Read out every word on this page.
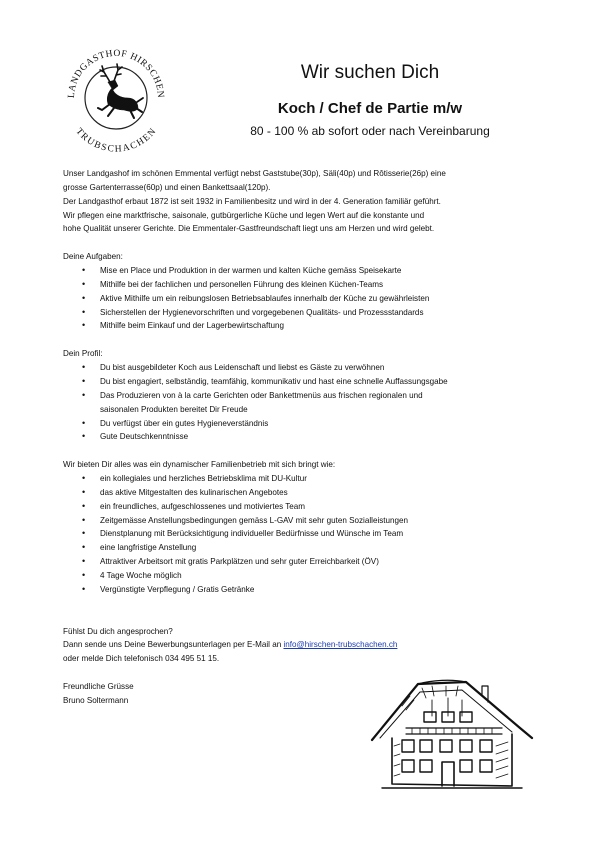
LANDGASTHOF HIRSCHEN
TRUBSCHACHEN
Wir suchen Dich
Koch / Chef de Partie m/w
80 - 100 % ab sofort oder nach Vereinbarung

Unser Landgashof im schönen Emmental verfügt nebst Gaststube(30p), Säli(40p) und Rôtisserie(26p) eine

grosse Gartenterrasse(60p) und einen Bankettsaal(120p).

Der Landgasthof erbaut 1872 ist seit 1932 in Familienbesitz und wird in der 4. Generation familiär geführt.

Wir pflegen eine marktfrische, saisonale, gutbürgerliche Küche und legen Wert auf die konstante und

hohe Qualität unserer Gerichte. Die Emmentaler-Gastfreundschaft liegt uns am Herzen und wird gelebt.

Deine Aufgaben:

• Mise en Place und Produktion in der warmen und kalten Küche gemäss Speisekarte
• Mithilfe bei der fachlichen und personellen Führung des kleinen Küchen-Teams
• Aktive Mithilfe um ein reibungslosen Betriebsablaufes innerhalb der Küche zu gewährleisten
• Sicherstellen der Hygienevorschriften und vorgegebenen Qualitäts- und Prozessstandards
• Mithilfe beim Einkauf und der Lagerbewirtschaftung

Dein Profil:

• Du bist ausgebildeter Koch aus Leidenschaft und liebst es Gäste zu verwöhnen
• Du bist engagiert, selbständig, teamfähig, kommunikativ und hast eine schnelle Auffassungsgabe
• Das Produzieren von à la carte Gerichten oder Bankettmenüs aus frischen regionalen und
saisonalen Produkten bereitet Dir Freude
• Du verfügst über ein gutes Hygieneverständnis
• Gute Deutschkenntnisse

Wir bieten Dir alles was ein dynamischer Familienbetrieb mit sich bringt wie:

• ein kollegiales und herzliches Betriebsklima mit DU-Kultur
• das aktive Mitgestalten des kulinarischen Angebotes
• ein freundliches, aufgeschlossenes und motiviertes Team
• Zeitgemässe Anstellungsbedingungen gemäss L-GAV mit sehr guten Sozialleistungen
• Dienstplanung mit Berücksichtigung individueller Bedürfnisse und Wünsche im Team
• eine langfristige Anstellung
• Attraktiver Arbeitsort mit gratis Parkplätzen und sehr guter Erreichbarkeit (ÖV)
• 4 Tage Woche möglich
• Vergünstigte Verpflegung / Gratis Getränke

Fühlst Du dich angesprochen?

Dann sende uns Deine Bewerbungsunterlagen per E-Mail an info@hirschen-trubschachen.ch

oder melde Dich telefonisch 034 495 51 15.

Freundliche Grüsse

Bruno Soltermann
